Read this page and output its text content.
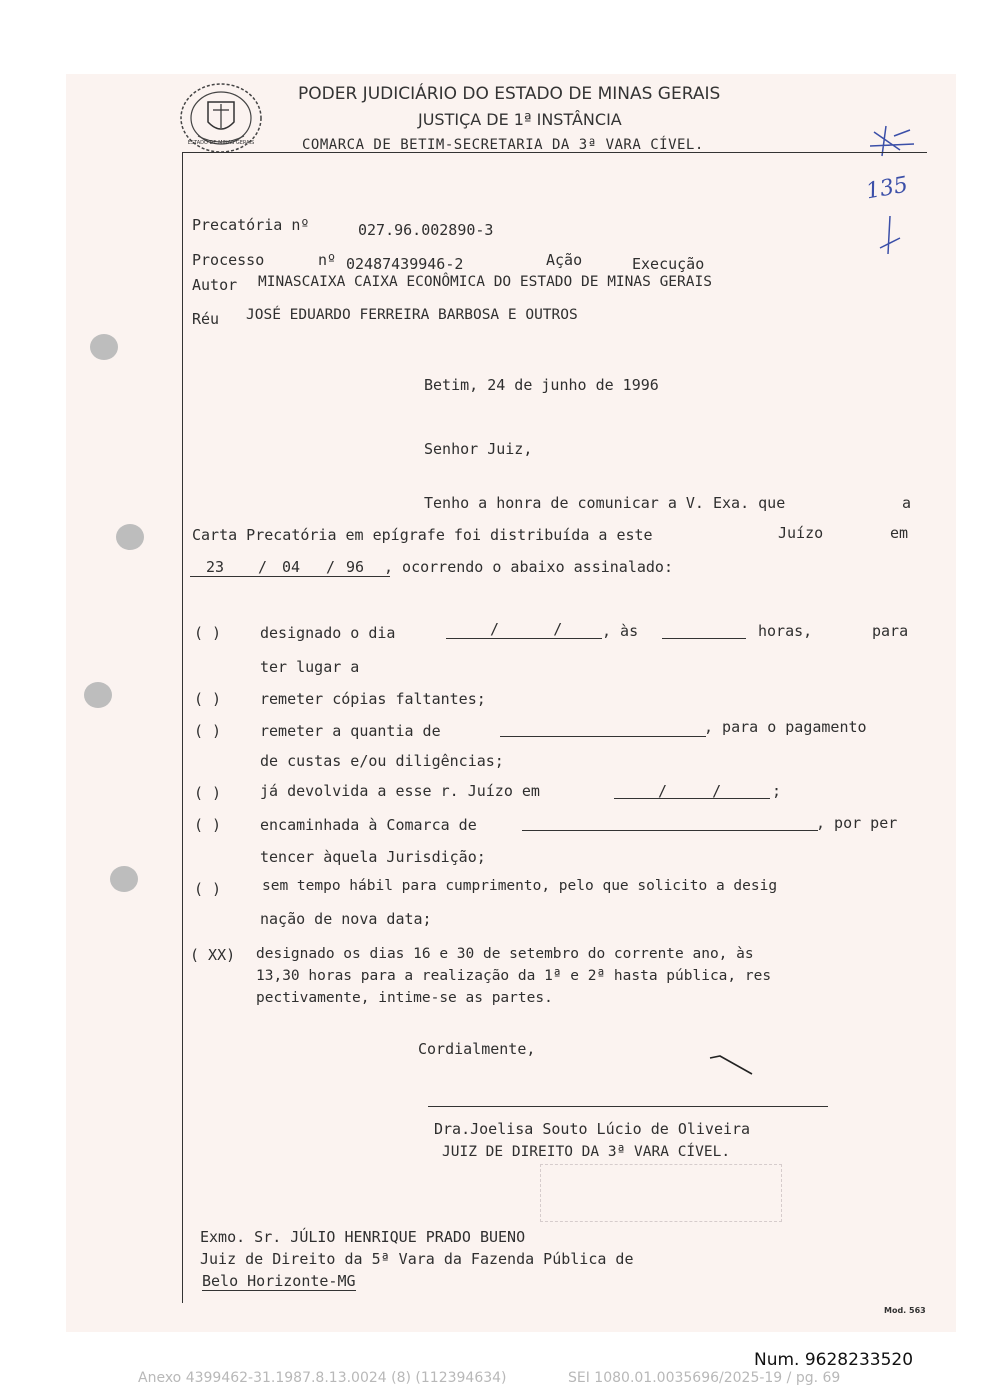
ESTADO DE MINAS GERAIS
PODER JUDICIÁRIO DO ESTADO DE MINAS GERAIS
JUSTIÇA DE 1ª INSTÂNCIA
COMARCA DE BETIM-SECRETARIA DA 3ª VARA CÍVEL.
135
Precatória nº	027.96.002890-3
Processo	nº 02487439946-2	Ação	Execução
Autor MINASCAIXA CAIXA ECONÔMICA DO ESTADO DE MINAS GERAIS
Réu JOSÉ EDUARDO FERREIRA BARBOSA E OUTROS
Betim, 24 de junho de 1996
Senhor Juiz,
Tenho a honra de comunicar a V. Exa. que	a
Carta Precatória em epígrafe foi distribuída a este	Juízo	em
23 / 04 / 96 , ocorrendo o abaixo assinalado:
( )	designado o dia	/      /	, às	horas,	para
ter lugar a
( )	remeter cópias faltantes;
( )	remeter a quantia de	, para o pagamento
de custas e/ou diligências;
( )	já devolvida a esse r. Juízo em	/     /	;
( )	encaminhada à Comarca de	, por per
tencer àquela Jurisdição;
( )	sem tempo hábil para cumprimento, pelo que solicito a desig
nação de nova data;
( XX) designado os dias 16 e 30 de setembro do corrente ano, às
13,30 horas para a realização da 1ª e 2ª hasta pública, res
pectivamente, intime-se as partes.
Cordialmente,
Dra.Joelisa Souto Lúcio de Oliveira
JUIZ DE DIREITO DA 3ª VARA CÍVEL.
Exmo. Sr. JÚLIO HENRIQUE PRADO BUENO
Juiz de Direito da 5ª Vara da Fazenda Pública de
Belo Horizonte-MG
Mod. 563
Num. 9628233520
Anexo 4399462-31.1987.8.13.0024 (8) (112394634)	SEI 1080.01.0035696/2025-19 / pg. 69
